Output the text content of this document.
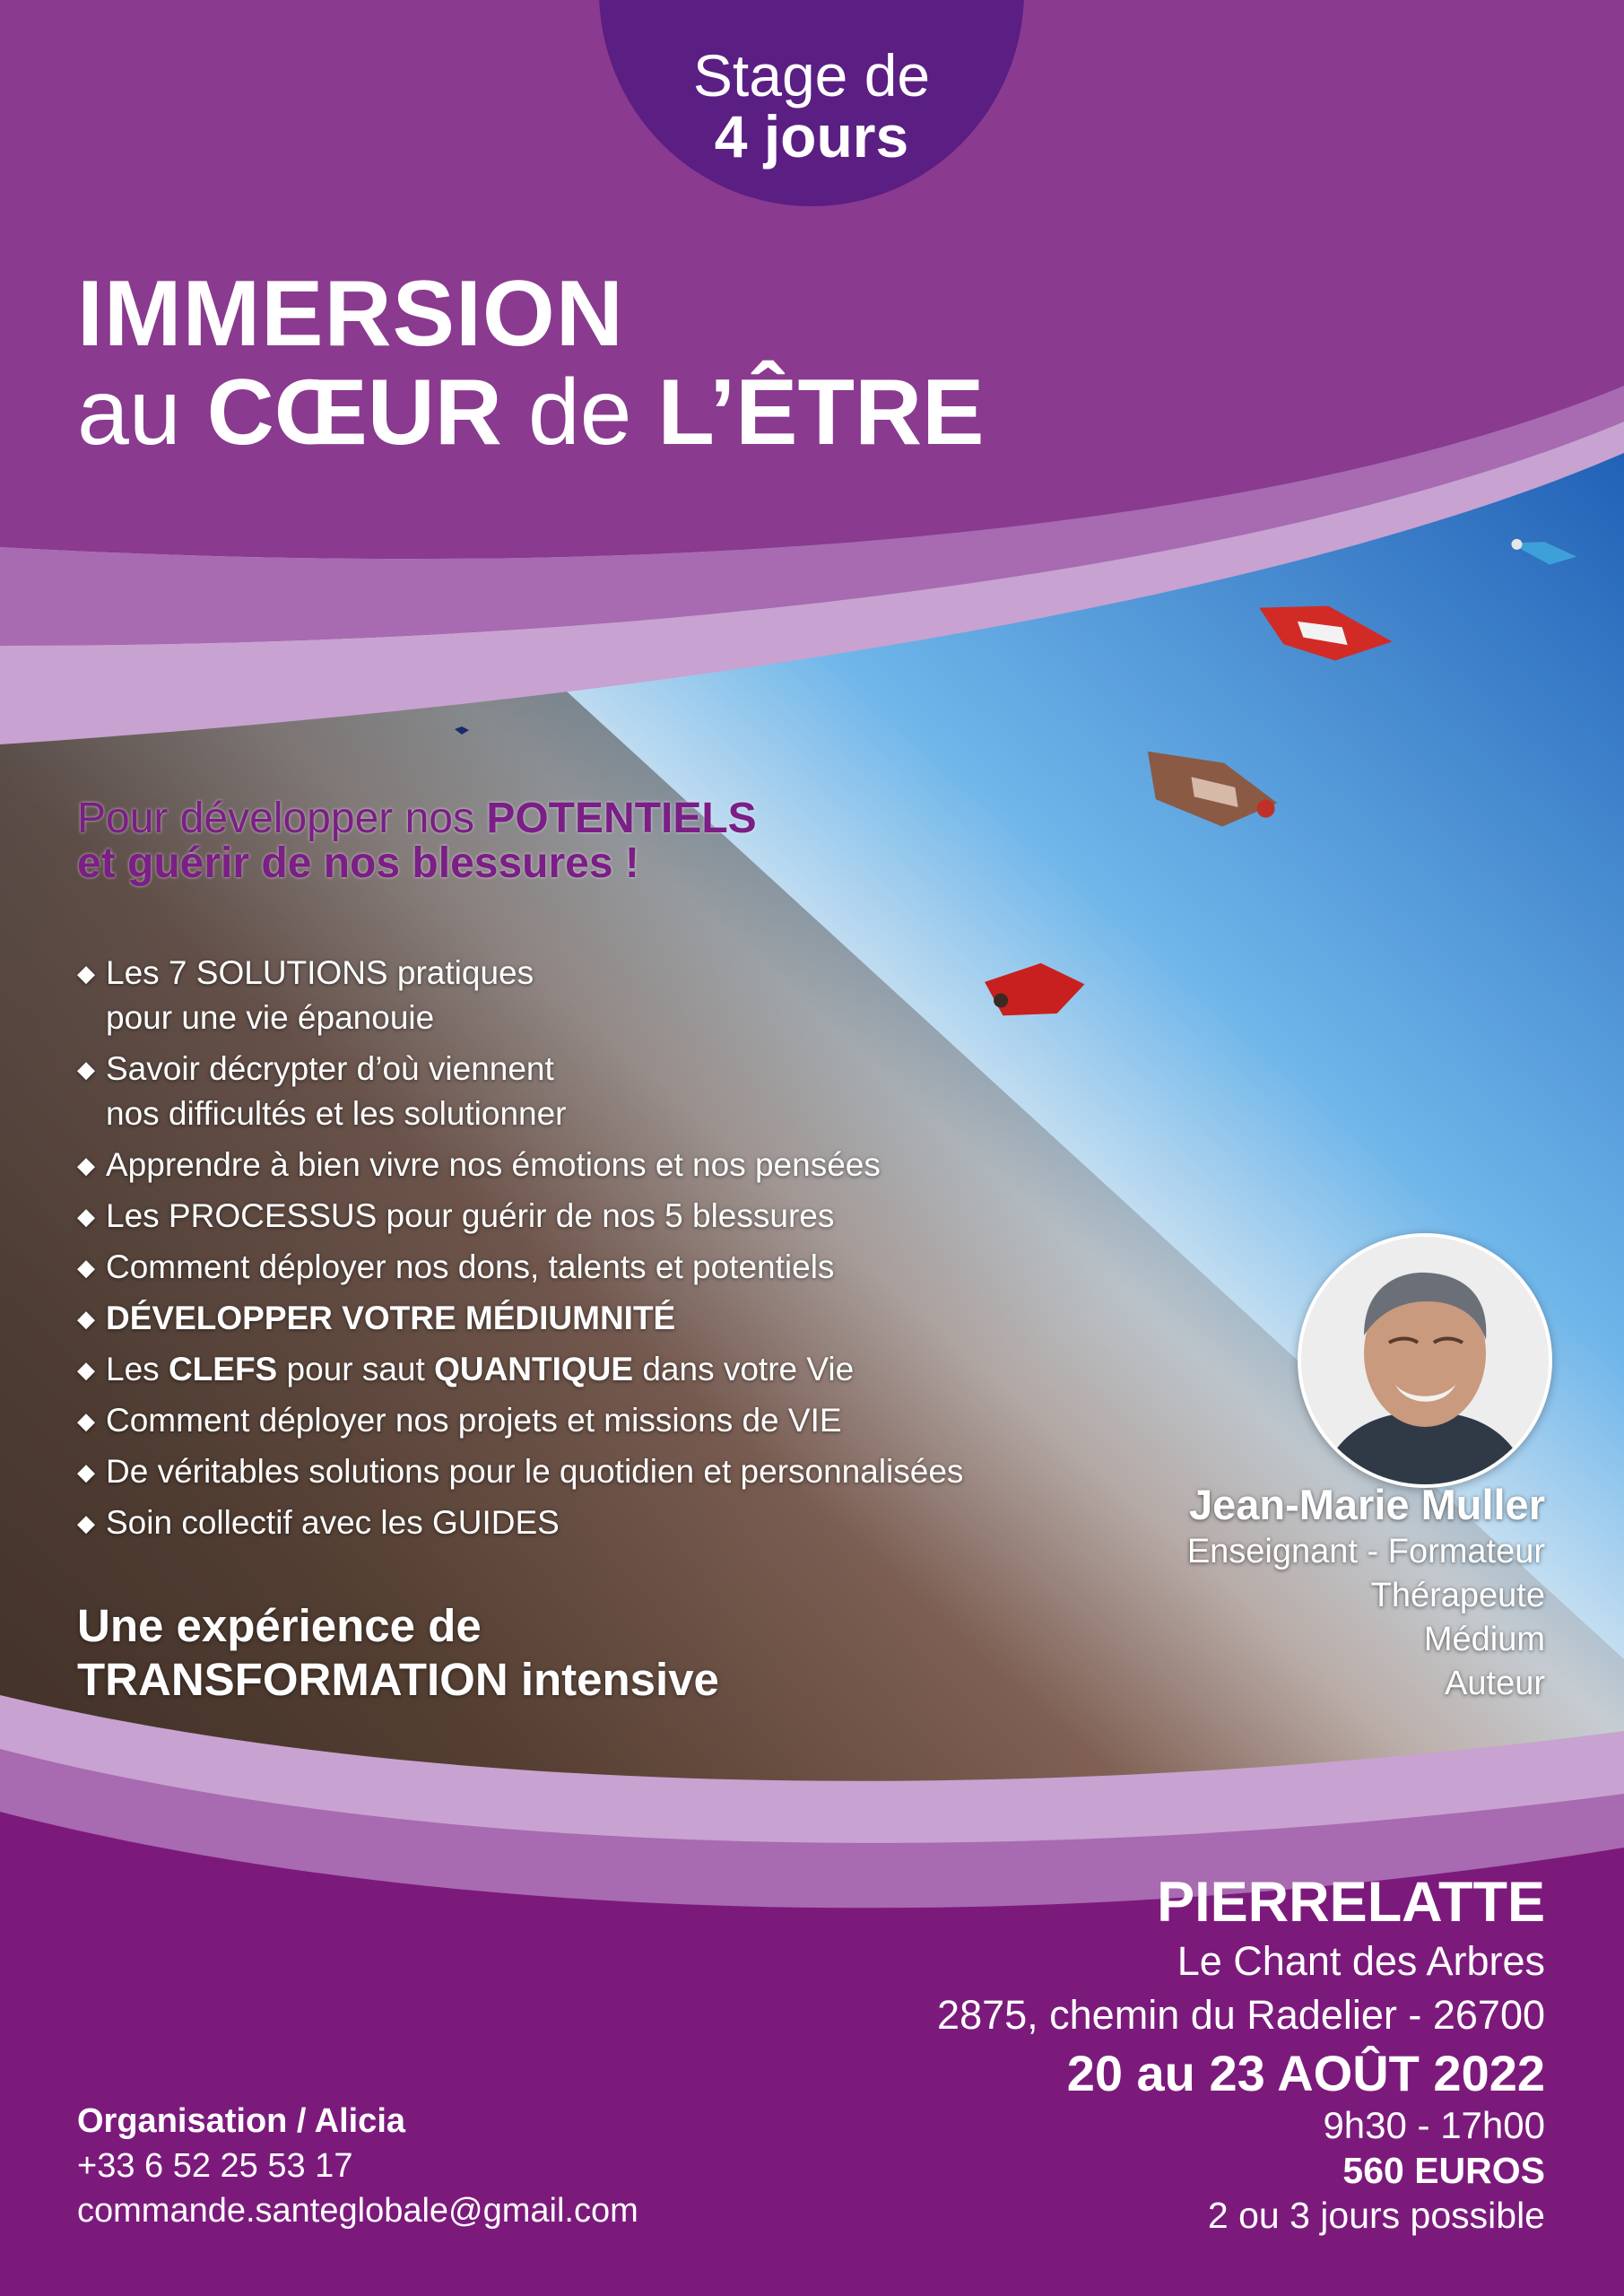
Stage de
4 jours
IMMERSION
au CŒUR de L’ÊTRE
Pour développer nos POTENTIELS
et guérir de nos blessures !
◆ Les 7 SOLUTIONS pratiques
pour une vie épanouie
◆ Savoir décrypter d’où viennent
nos difficultés et les solutionner
◆ Apprendre à bien vivre nos émotions et nos pensées
◆ Les PROCESSUS pour guérir de nos 5 blessures
◆ Comment déployer nos dons, talents et potentiels
◆ DÉVELOPPER VOTRE MÉDIUMNITÉ
◆ Les CLEFS pour saut QUANTIQUE dans votre Vie
◆ Comment déployer nos projets et missions de VIE
◆ De véritables solutions pour le quotidien et personnalisées
◆ Soin collectif avec les GUIDES
Une expérience de
TRANSFORMATION intensive
Jean-Marie Muller
Enseignant - Formateur
Thérapeute
Médium
Auteur
PIERRELATTE
Le Chant des Arbres
2875, chemin du Radelier - 26700
20 au 23 AOÛT 2022
9h30 - 17h00
560 EUROS
2 ou 3 jours possible
Organisation / Alicia
+33 6 52 25 53 17
commande.santeglobale@gmail.com
